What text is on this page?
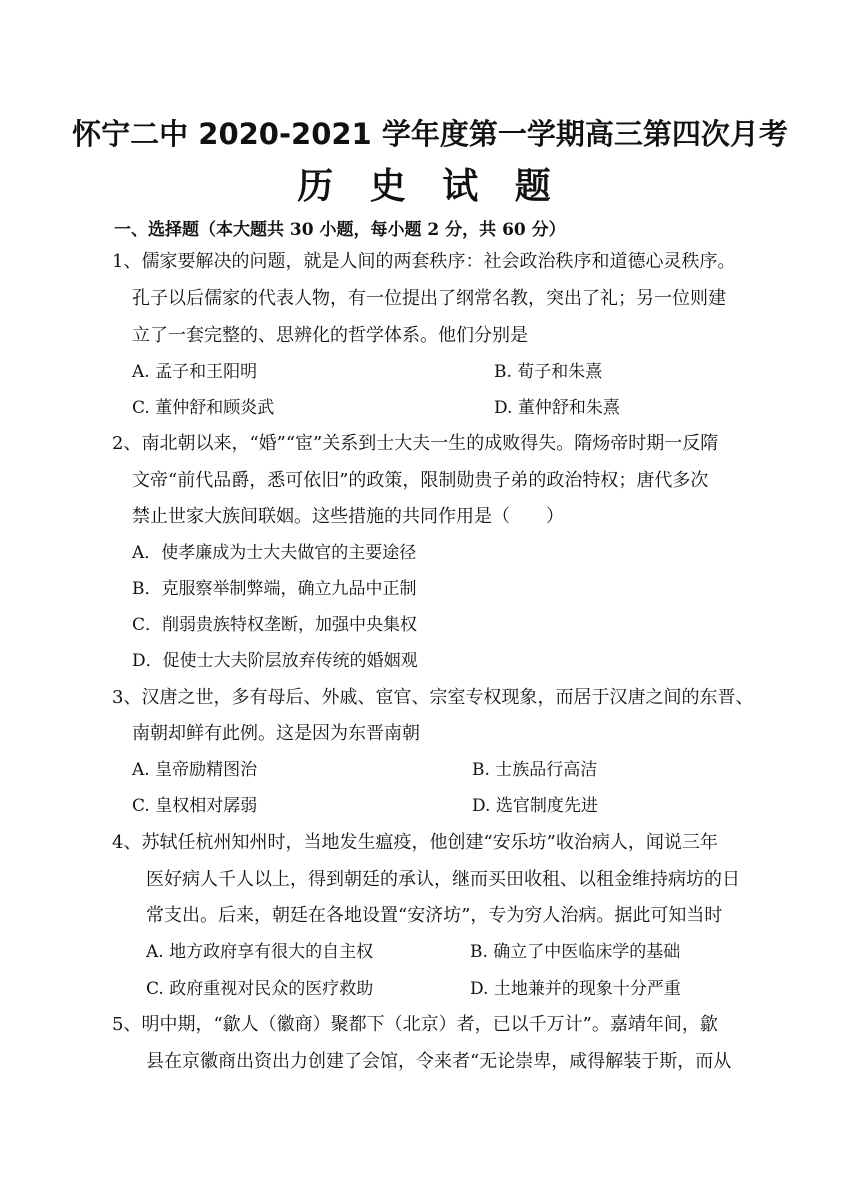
怀宁二中 2020-2021 学年度第一学期高三第四次月考
历 史 试 题
一、选择题（本大题共 30 小题，每小题 2 分，共 60 分）
1、儒家要解决的问题，就是人间的两套秩序：社会政治秩序和道德心灵秩序。
孔子以后儒家的代表人物，有一位提出了纲常名教，突出了礼；另一位则建
立了一套完整的、思辨化的哲学体系。他们分别是
A. 孟子和王阳明	B. 荀子和朱熹
C. 董仲舒和顾炎武	D. 董仲舒和朱熹
2、南北朝以来，“婚”“宦”关系到士大夫一生的成败得失。隋炀帝时期一反隋
文帝“前代品爵，悉可依旧”的政策，限制勋贵子弟的政治特权；唐代多次
禁止世家大族间联姻。这些措施的共同作用是（　　）
A．使孝廉成为士大夫做官的主要途径
B．克服察举制弊端，确立九品中正制
C．削弱贵族特权垄断，加强中央集权
D．促使士大夫阶层放弃传统的婚姻观
3、汉唐之世，多有母后、外戚、宦官、宗室专权现象，而居于汉唐之间的东晋、
南朝却鲜有此例。这是因为东晋南朝
A. 皇帝励精图治	B. 士族品行高洁
C. 皇权相对孱弱	D. 选官制度先进
4、苏轼任杭州知州时，当地发生瘟疫，他创建“安乐坊”收治病人，闻说三年
医好病人千人以上，得到朝廷的承认，继而买田收租、以租金维持病坊的日
常支出。后来，朝廷在各地设置“安济坊”，专为穷人治病。据此可知当时
A. 地方政府享有很大的自主权	B. 确立了中医临床学的基础
C. 政府重视对民众的医疗救助	D. 土地兼并的现象十分严重
5、明中期，“歙人（徽商）聚都下（北京）者，已以千万计”。嘉靖年间，歙
县在京徽商出资出力创建了会馆，令来者“无论崇卑，咸得解装于斯，而从
